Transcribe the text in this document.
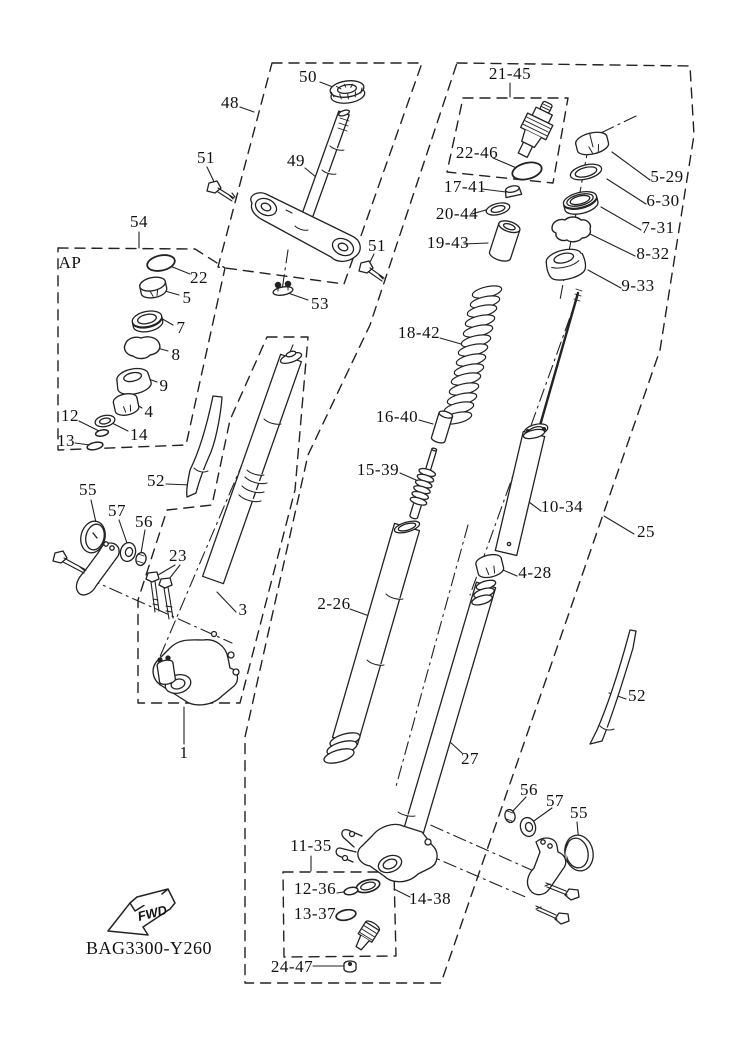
FWD
50
48
49
51
51
53
54
AP
22
5
7
8
9
4
12
13	14
21-45
22-46
17-41
20-44
19-43
18-42
16-40
15-39
2-26
5-29
6-30
7-31
8-32
9-33
10-34
25
4-28
52
52
55
57
56
23
3
1	27
56
57
55
11-35
12-36
13-37
14-38
24-47
BAG3300-Y260
